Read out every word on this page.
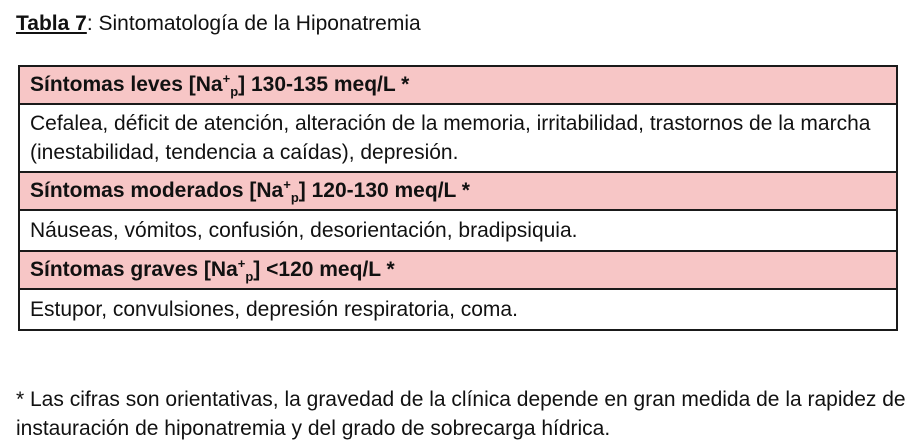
Tabla 7: Sintomatología de la Hiponatremia
Síntomas leves $[Na^+_p]$ 130-135 meq/L *
Cefalea, déficit de atención, alteración de la memoria, irritabilidad, trastornos de la marcha (inestabilidad, tendencia a caídas), depresión.
Síntomas moderados $[Na^+_p]$ 120-130 meq/L *
Náuseas, vómitos, confusión, desorientación, bradipsiquia.
Síntomas graves $[Na^+_p] <120$ meq/L *
Estupor, convulsiones, depresión respiratoria, coma.

* Las cifras son orientativas, la gravedad de la clínica depende en gran medida de la rapidez de instauración de hiponatremia y del grado de sobrecarga hídrica.
